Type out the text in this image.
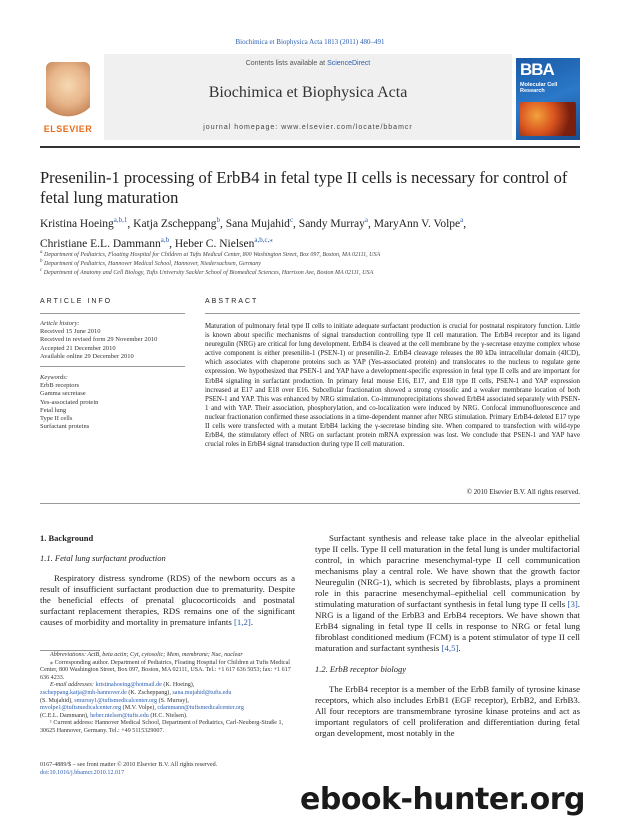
Biochimica et Biophysica Acta 1813 (2011) 480–491
ELSEVIER
Contents lists available at ScienceDirect
Biochimica et Biophysica Acta
journal homepage: www.elsevier.com/locate/bbamcr
BBA
Molecular Cell Research
Presenilin-1 processing of ErbB4 in fetal type II cells is necessary for control of fetal lung maturation
Kristina Hoeing$^{a,b,1}$, Katja Zscheppang$^b$, Sana Mujahid$^c$, Sandy Murray$^a$, MaryAnn V. Volpe$^a$,
Christiane E.L. Dammann$^{a,b}$, Heber C. Nielsen$^{a,b,c,⁎}$
$^a$ Department of Pediatrics, Floating Hospital for Children at Tufts Medical Center, 800 Washington Street, Box 097, Boston, MA 02111, USA
$^b$ Department of Pediatrics, Hannover Medical School, Hannover, Niedersachsen, Germany
$^c$ Department of Anatomy and Cell Biology, Tufts University Sackler School of Biomedical Sciences, Harrison Ave, Boston MA 02111, USA
ARTICLE INFO	ABSTRACT
Article history:
Received 15 June 2010
Received in revised form 29 November 2010
Accepted 21 December 2010
Available online 29 December 2010
Keywords:
ErbB receptors
Gamma secretase
Yes-associated protein
Fetal lung
Type II cells
Surfactant proteins
Maturation of pulmonary fetal type II cells to initiate adequate surfactant production is crucial for postnatal respiratory function. Little is known about specific mechanisms of signal transduction controlling type II cell maturation. The ErbB4 receptor and its ligand neuregulin (NRG) are critical for lung development. ErbB4 is cleaved at the cell membrane by the γ-secretase enzyme complex whose active component is either presenilin-1 (PSEN-1) or presenilin-2. ErbB4 cleavage releases the 80 kDa intracellular domain (4ICD), which associates with chaperone proteins such as YAP (Yes-associated protein) and translocates to the nucleus to regulate gene expression. We hypothesized that PSEN-1 and YAP have a development-specific expression in fetal type II cells and are important for ErbB4 signaling in surfactant production. In primary fetal mouse E16, E17, and E18 type II cells, PSEN-1 and YAP expression increased at E17 and E18 over E16. Subcellular fractionation showed a strong cytosolic and a weaker membrane location of both PSEN-1 and YAP. This was enhanced by NRG stimulation. Co-immunoprecipitations showed ErbB4 associated separately with PSEN-1 and with YAP. Their association, phosphorylation, and co-localization were induced by NRG. Confocal immunofluorescence and nuclear fractionation confirmed these associations in a time-dependent manner after NRG stimulation. Primary ErbB4-deleted E17 type II cells were transfected with a mutant ErbB4 lacking the γ-secretase binding site. When compared to transfection with wild-type ErbB4, the stimulatory effect of NRG on surfactant protein mRNA expression was lost. We conclude that PSEN-1 and YAP have crucial roles in ErbB4 signal transduction during type II cell maturation.
© 2010 Elsevier B.V. All rights reserved.
1. Background
1.1. Fetal lung surfactant production

Respiratory distress syndrome (RDS) of the newborn occurs as a result of insufficient surfactant production due to prematurity. Despite the beneficial effects of prenatal glucocorticoids and postnatal surfactant replacement therapies, RDS remains one of the significant causes of morbidity and mortality in premature infants [1,2].

Abbreviations: ActB, beta actin; Cyt, cytosolic; Mem, membrane; Nuc, nuclear
⁎ Corresponding author. Department of Pediatrics, Floating Hospital for Children at Tufts Medical Center, 800 Washington Street, Box 097, Boston, MA 02111, USA. Tel.: +1 617 636 5053; fax: +1 617 636 4233.
E-mail addresses: kristinahoeing@hotmail.de (K. Hoeing),
zscheppang.katja@mh-hannover.de (K. Zscheppang), sana.mujahid@tufts.edu
(S. Mujahid), smurray1@tuftsmedicalcenter.org (S. Murray),
mvolpe1@tuftsmedicalcenter.org (M.V. Volpe), cdammann@tuftsmedicalcenter.org
(C.E.L. Dammann), heber.nielsen@tufts.edu (H.C. Nielsen).
¹ Current address: Hannover Medical School, Department of Pediatrics, Carl-Neuberg-Straße 1, 30625 Hannover, Germany. Tel.: +49 5115329007.
0167-4889/$ – see front matter © 2010 Elsevier B.V. All rights reserved.
doi:10.1016/j.bbamcr.2010.12.017

Surfactant synthesis and release take place in the alveolar epithelial type II cells. Type II cell maturation in the fetal lung is under multifactorial control, in which paracrine mesenchymal-type II cell communication mechanisms play a central role. We have shown that the growth factor Neuregulin (NRG-1), which is secreted by fibroblasts, plays a prominent role in this paracrine mesenchymal–epithelial cell communication by stimulating maturation of surfactant synthesis in fetal lung type II cells [3]. NRG is a ligand of the ErbB3 and ErbB4 receptors. We have shown that ErbB4 signaling in fetal type II cells in response to NRG or fetal lung fibroblast conditioned medium (FCM) is a potent stimulator of type II cell maturation and surfactant synthesis [4,5].

1.2. ErbB receptor biology

The ErbB4 receptor is a member of the ErbB family of tyrosine kinase receptors, which also includes ErbB1 (EGF receptor), ErbB2, and ErbB3. All four receptors are transmembrane tyrosine kinase proteins and act as important regulators of cell proliferation and differentiation during fetal organ development, most notably in the

ebook-hunter.org
